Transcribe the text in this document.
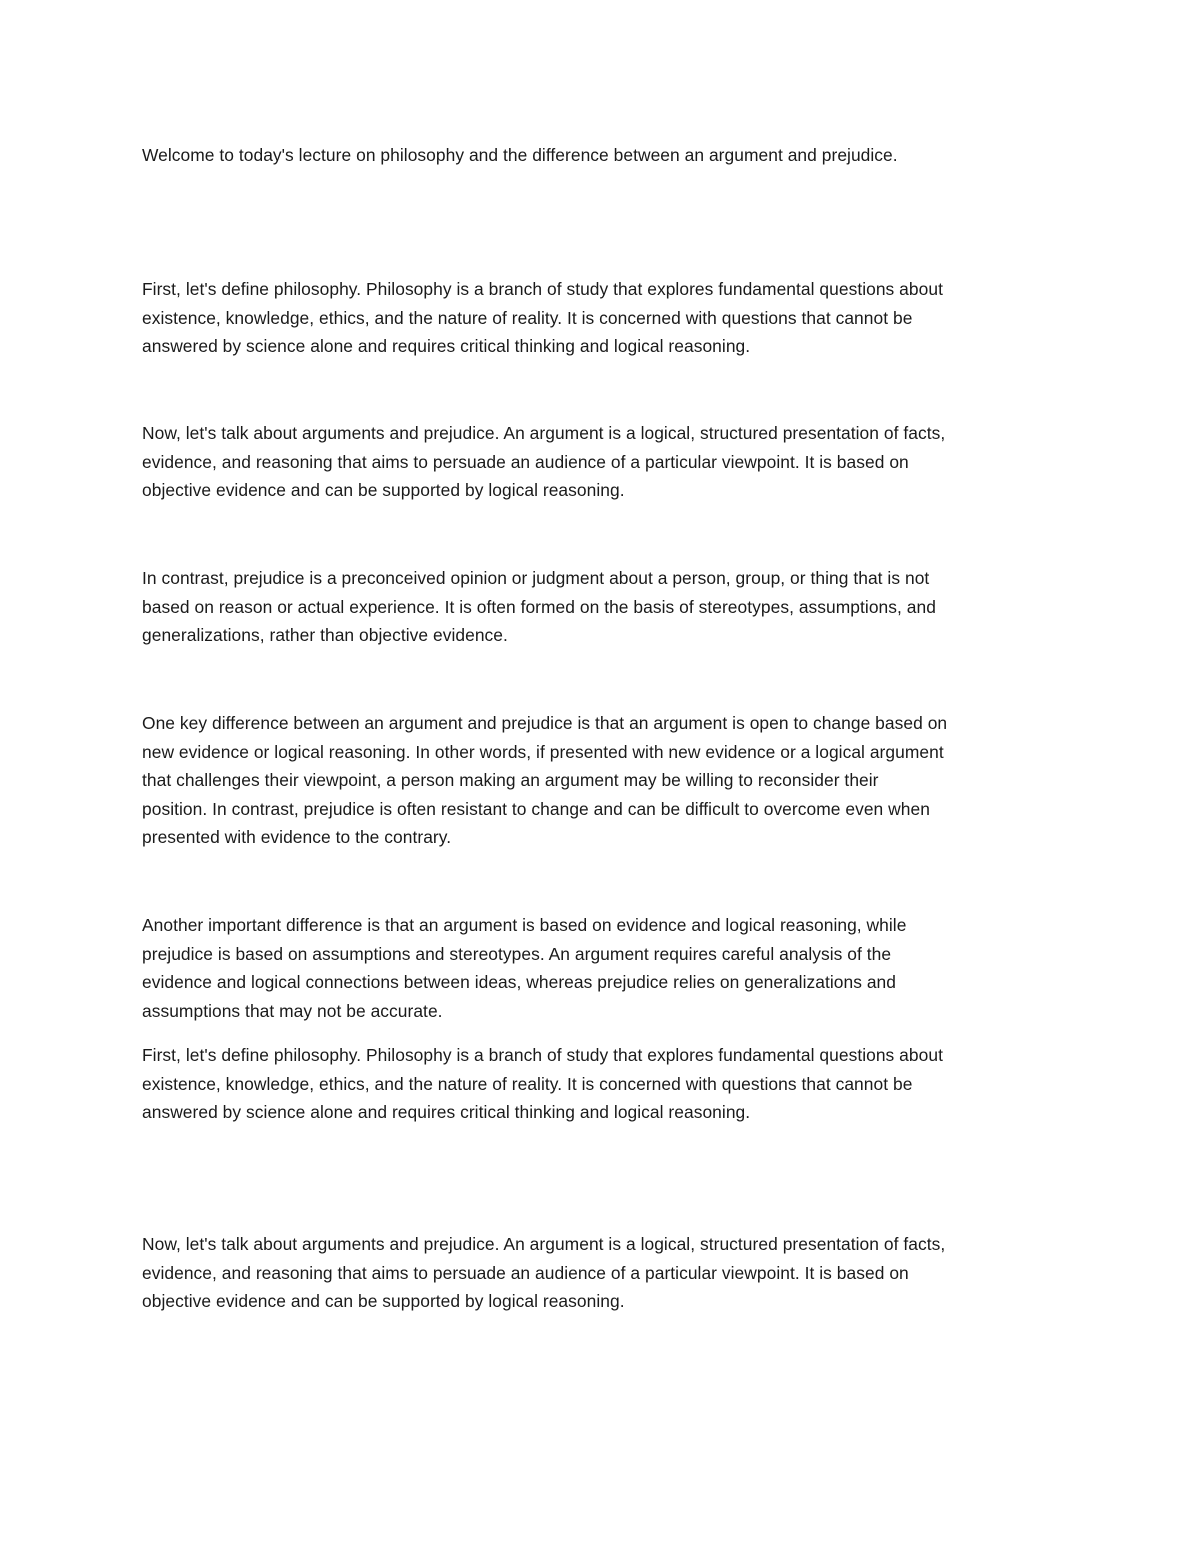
Welcome to today's lecture on philosophy and the difference between an argument and prejudice.

First, let's define philosophy. Philosophy is a branch of study that explores fundamental questions about
existence, knowledge, ethics, and the nature of reality. It is concerned with questions that cannot be
answered by science alone and requires critical thinking and logical reasoning.

Now, let's talk about arguments and prejudice. An argument is a logical, structured presentation of facts,
evidence, and reasoning that aims to persuade an audience of a particular viewpoint. It is based on
objective evidence and can be supported by logical reasoning.

In contrast, prejudice is a preconceived opinion or judgment about a person, group, or thing that is not
based on reason or actual experience. It is often formed on the basis of stereotypes, assumptions, and
generalizations, rather than objective evidence.

One key difference between an argument and prejudice is that an argument is open to change based on
new evidence or logical reasoning. In other words, if presented with new evidence or a logical argument
that challenges their viewpoint, a person making an argument may be willing to reconsider their
position. In contrast, prejudice is often resistant to change and can be difficult to overcome even when
presented with evidence to the contrary.

Another important difference is that an argument is based on evidence and logical reasoning, while
prejudice is based on assumptions and stereotypes. An argument requires careful analysis of the
evidence and logical connections between ideas, whereas prejudice relies on generalizations and
assumptions that may not be accurate.

First, let's define philosophy. Philosophy is a branch of study that explores fundamental questions about
existence, knowledge, ethics, and the nature of reality. It is concerned with questions that cannot be
answered by science alone and requires critical thinking and logical reasoning.

Now, let's talk about arguments and prejudice. An argument is a logical, structured presentation of facts,
evidence, and reasoning that aims to persuade an audience of a particular viewpoint. It is based on
objective evidence and can be supported by logical reasoning.
